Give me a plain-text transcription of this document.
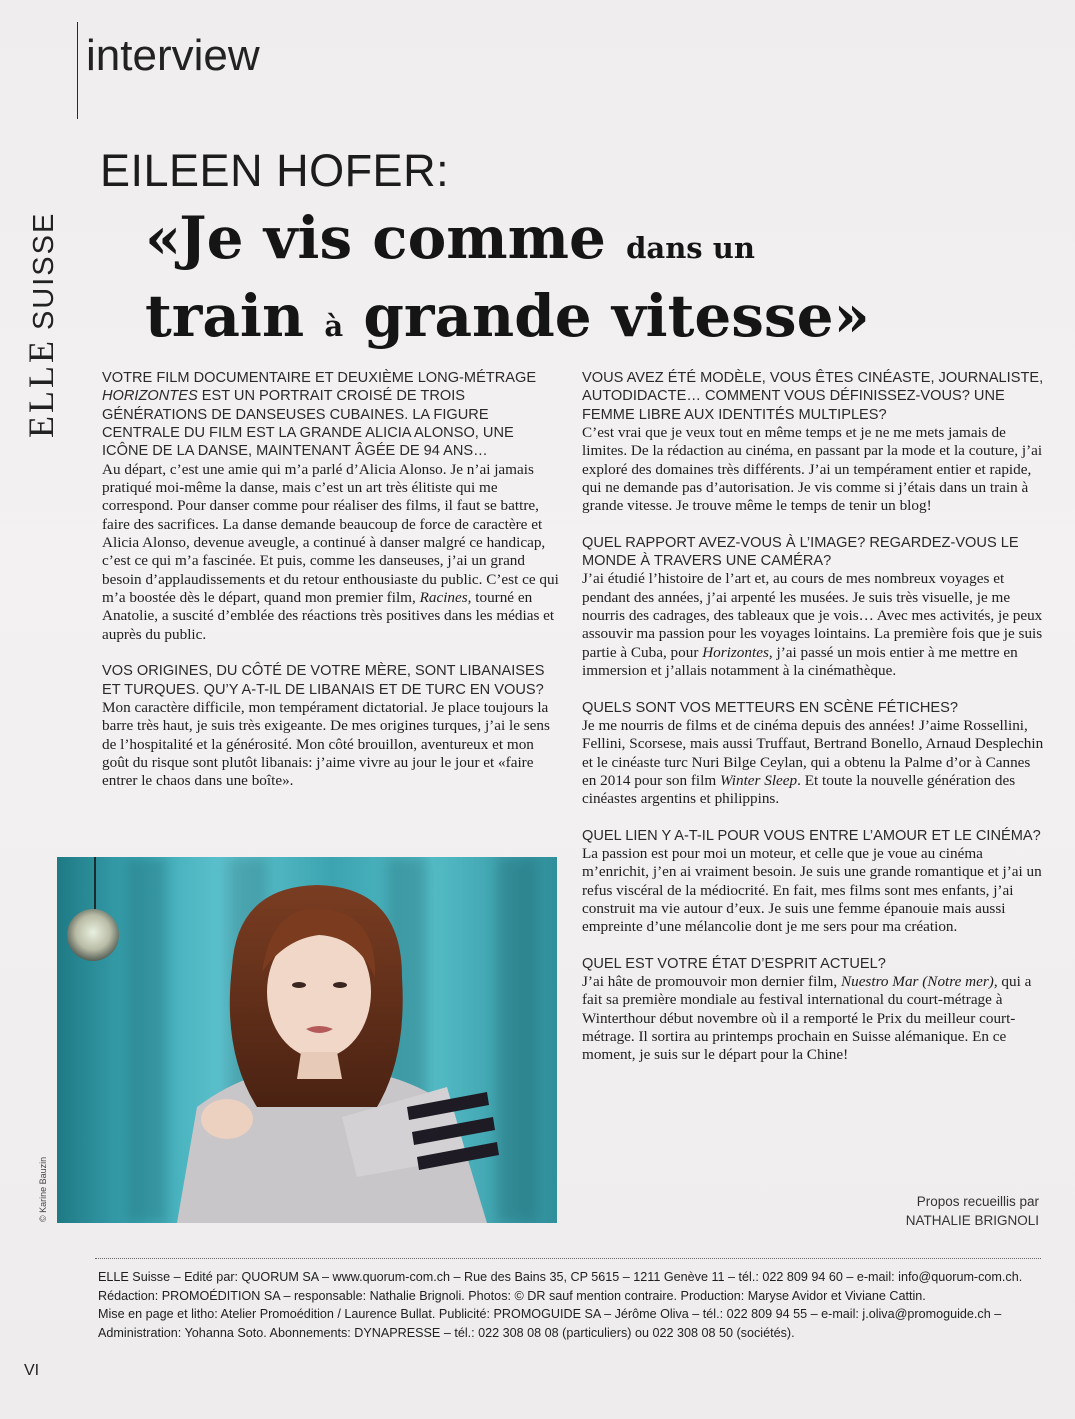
interview
ELLE
SUISSE
EILEEN HOFER:
«Je vis comme dans un
train à grande vitesse»

VOTRE FILM DOCUMENTAIRE ET DEUXIÈME LONG-MÉTRAGE HORIZONTES EST UN PORTRAIT CROISÉ DE TROIS GÉNÉRATIONS DE DANSEUSES CUBAINES. LA FIGURE CENTRALE DU FILM EST LA GRANDE ALICIA ALONSO, UNE ICÔNE DE LA DANSE, MAINTENANT ÂGÉE DE 94 ANS…

Au départ, c’est une amie qui m’a parlé d’Alicia Alonso. Je n’ai jamais pratiqué moi-même la danse, mais c’est un art très élitiste qui me correspond. Pour danser comme pour réaliser des films, il faut se battre, faire des sacrifices. La danse demande beaucoup de force de caractère et Alicia Alonso, devenue aveugle, a continué à danser malgré ce handicap, c’est ce qui m’a fascinée. Et puis, comme les danseuses, j’ai un grand besoin d’applaudissements et du retour enthousiaste du public. C’est ce qui m’a boostée dès le départ, quand mon premier film, Racines, tourné en Anatolie, a suscité d’emblée des réactions très positives dans les médias et auprès du public.

VOS ORIGINES, DU CÔTÉ DE VOTRE MÈRE, SONT LIBANAISES ET TURQUES. QU’Y A-T-IL DE LIBANAIS ET DE TURC EN VOUS?

Mon caractère difficile, mon tempérament dictatorial. Je place toujours la barre très haut, je suis très exigeante. De mes origines turques, j’ai le sens de l’hospitalité et la générosité. Mon côté brouillon, aventureux et mon goût du risque sont plutôt libanais: j’aime vivre au jour le jour et «faire entrer le chaos dans une boîte».

VOUS AVEZ ÉTÉ MODÈLE, VOUS ÊTES CINÉASTE, JOURNALISTE, AUTODIDACTE… COMMENT VOUS DÉFINISSEZ-VOUS? UNE FEMME LIBRE AUX IDENTITÉS MULTIPLES?

C’est vrai que je veux tout en même temps et je ne me mets jamais de limites. De la rédaction au cinéma, en passant par la mode et la couture, j’ai exploré des domaines très différents. J’ai un tempérament entier et rapide, qui ne demande pas d’autorisation. Je vis comme si j’étais dans un train à grande vitesse. Je trouve même le temps de tenir un blog!

QUEL RAPPORT AVEZ-VOUS À L’IMAGE? REGARDEZ-VOUS LE MONDE À TRAVERS UNE CAMÉRA?

J’ai étudié l’histoire de l’art et, au cours de mes nombreux voyages et pendant des années, j’ai arpenté les musées. Je suis très visuelle, je me nourris des cadrages, des tableaux que je vois… Avec mes activités, je peux assouvir ma passion pour les voyages lointains. La première fois que je suis partie à Cuba, pour Horizontes, j’ai passé un mois entier à me mettre en immersion et j’allais notamment à la cinémathèque.

QUELS SONT VOS METTEURS EN SCÈNE FÉTICHES?

Je me nourris de films et de cinéma depuis des années! J’aime Rossellini, Fellini, Scorsese, mais aussi Truffaut, Bertrand Bonello, Arnaud Desplechin et le cinéaste turc Nuri Bilge Ceylan, qui a obtenu la Palme d’or à Cannes en 2014 pour son film Winter Sleep. Et toute la nouvelle génération des cinéastes argentins et philippins.

QUEL LIEN Y A-T-IL POUR VOUS ENTRE L’AMOUR ET LE CINÉMA?

La passion est pour moi un moteur, et celle que je voue au cinéma m’enrichit, j’en ai vraiment besoin. Je suis une grande romantique et j’ai un refus viscéral de la médiocrité. En fait, mes films sont mes enfants, j’ai construit ma vie autour d’eux. Je suis une femme épanouie mais aussi empreinte d’une mélancolie dont je me sers pour ma création.

QUEL EST VOTRE ÉTAT D’ESPRIT ACTUEL?

J’ai hâte de promouvoir mon dernier film, Nuestro Mar (Notre mer), qui a fait sa première mondiale au festival international du court-métrage à Winterthour début novembre où il a remporté le Prix du meilleur court-métrage. Il sortira au printemps prochain en Suisse alémanique. En ce moment, je suis sur le départ pour la Chine!

© Karine Bauzin	Propos recueillis par
NATHALIE BRIGNOLI

ELLE Suisse – Edité par: QUORUM SA – www.quorum-com.ch – Rue des Bains 35, CP 5615 – 1211 Genève 11 – tél.: 022 809 94 60 – e-mail: info@quorum-com.ch.

Rédaction: PROMOÉDITION SA – responsable: Nathalie Brignoli. Photos: © DR sauf mention contraire. Production: Maryse Avidor et Viviane Cattin.

Mise en page et litho: Atelier Promoédition / Laurence Bullat. Publicité: PROMOGUIDE SA – Jérôme Oliva – tél.: 022 809 94 55 – e-mail: j.oliva@promoguide.ch –

Administration: Yohanna Soto. Abonnements: DYNAPRESSE – tél.: 022 308 08 08 (particuliers) ou 022 308 08 50 (sociétés).

VI
